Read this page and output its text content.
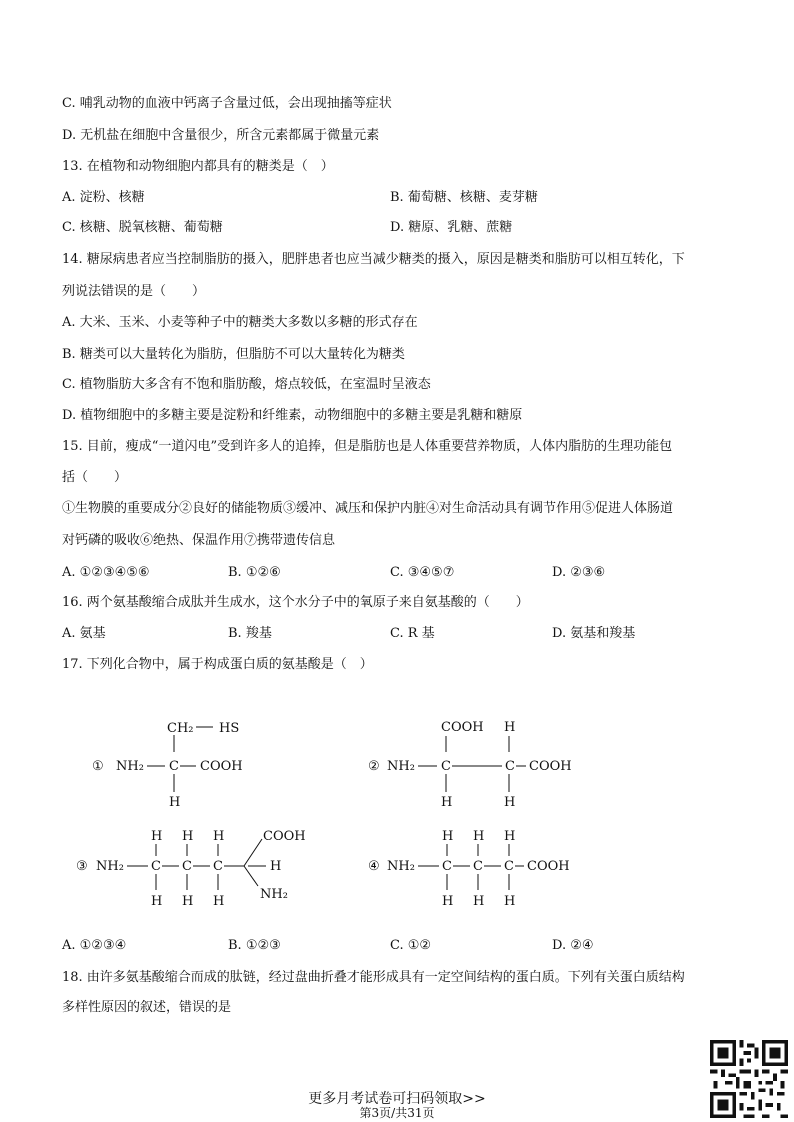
C. 哺乳动物的血液中钙离子含量过低，会出现抽搐等症状
D. 无机盐在细胞中含量很少，所含元素都属于微量元素
13. 在植物和动物细胞内都具有的糖类是（　）
A. 淀粉、核糖	B. 葡萄糖、核糖、麦芽糖
C. 核糖、脱氧核糖、葡萄糖	D. 糖原、乳糖、蔗糖
14. 糖尿病患者应当控制脂肪的摄入，肥胖患者也应当减少糖类的摄入，原因是糖类和脂肪可以相互转化，下
列说法错误的是（　　）
A. 大米、玉米、小麦等种子中的糖类大多数以多糖的形式存在
B. 糖类可以大量转化为脂肪，但脂肪不可以大量转化为糖类
C. 植物脂肪大多含有不饱和脂肪酸，熔点较低，在室温时呈液态
D. 植物细胞中的多糖主要是淀粉和纤维素，动物细胞中的多糖主要是乳糖和糖原
15. 目前，瘦成“一道闪电”受到许多人的追捧，但是脂肪也是人体重要营养物质，人体内脂肪的生理功能包
括（　　）
①生物膜的重要成分②良好的储能物质③缓冲、减压和保护内脏④对生命活动具有调节作用⑤促进人体肠道
对钙磷的吸收⑥绝热、保温作用⑦携带遗传信息
A. ①②③④⑤⑥	B. ①②⑥	C. ③④⑤⑦	D. ②③⑥
16. 两个氨基酸缩合成肽并生成水，这个水分子中的氧原子来自氨基酸的（　　）
A. 氨基	B. 羧基	C. R 基	D. 氨基和羧基
17. 下列化合物中，属于构成蛋白质的氨基酸是（　）
① NH₂ C COOH
CH₂ HS
H
② NH₂ C	C COOH
COOH H
H	H
③ NH₂ C C C
H H H
H H H
COOH
H
NH₂
④ NH₂ C C C COOH
H H H
H H H
A. ①②③④	B. ①②③	C. ①②	D. ②④
18. 由许多氨基酸缩合而成的肽链，经过盘曲折叠才能形成具有一定空间结构的蛋白质。下列有关蛋白质结构
多样性原因的叙述，错误的是
更多月考试卷可扫码领取>>
第3页/共31页
